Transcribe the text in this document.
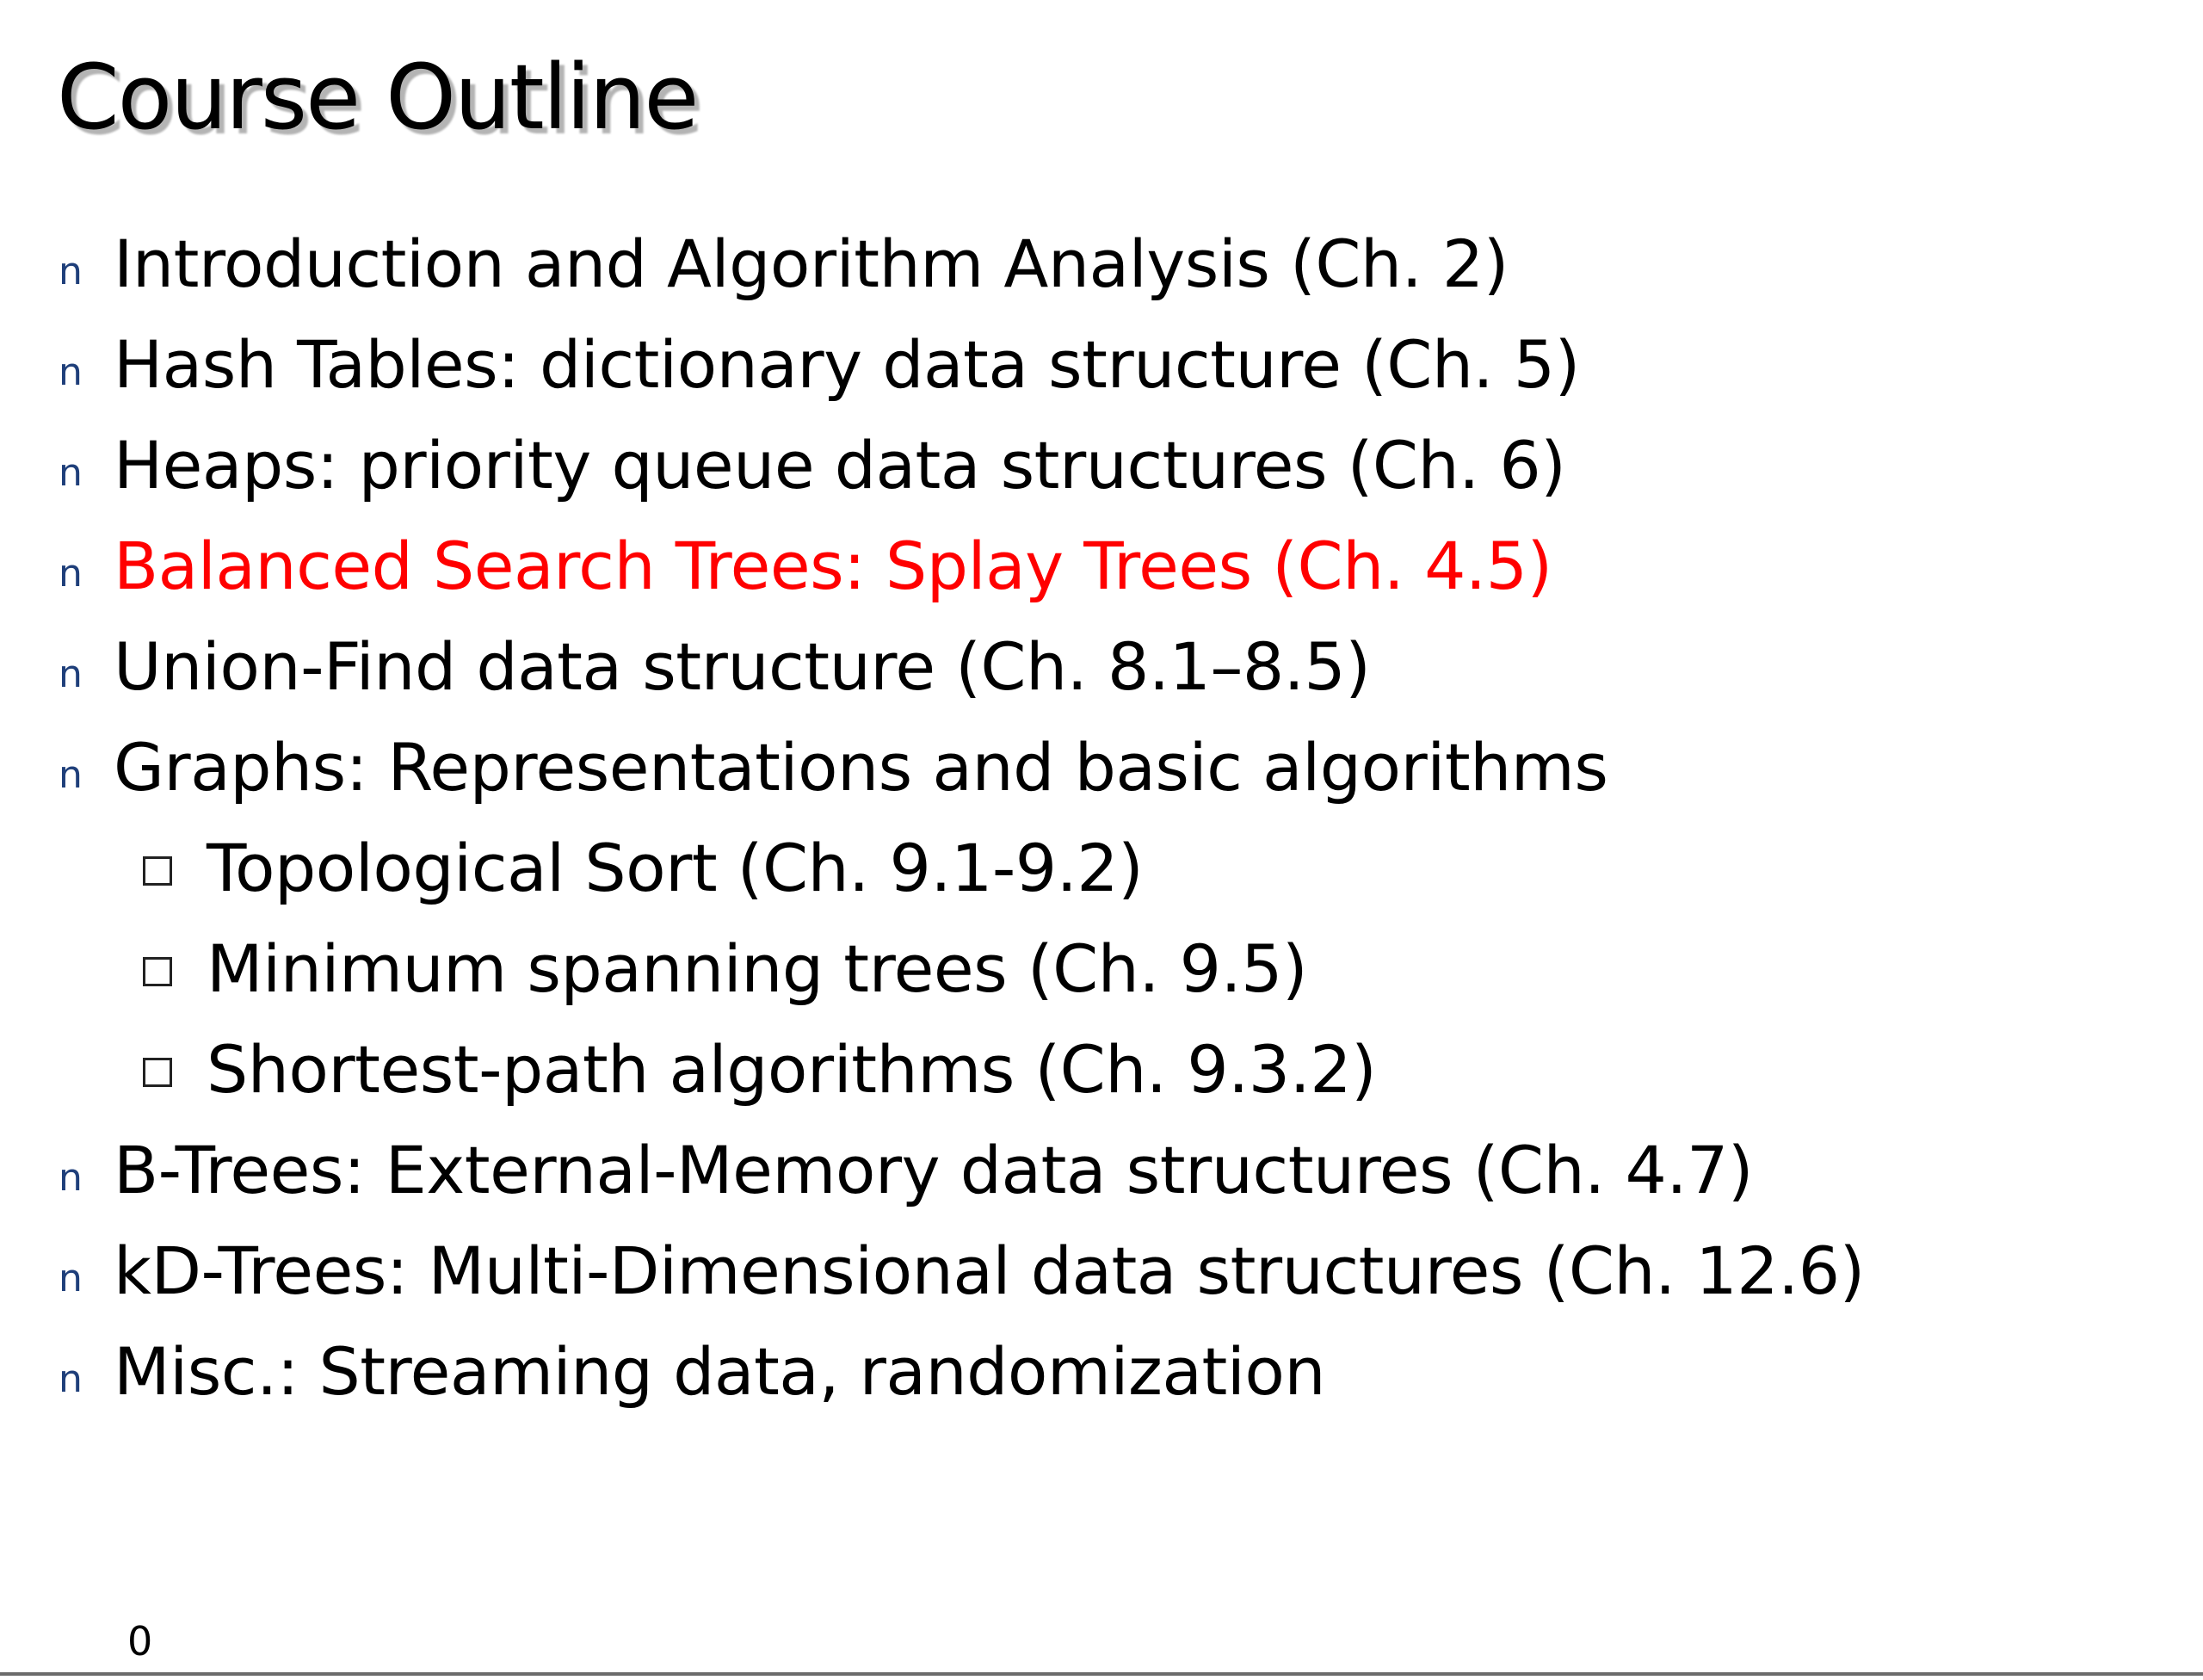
Course Outline
n Introduction and Algorithm Analysis (Ch. 2)
n Hash Tables: dictionary data structure (Ch. 5)
n Heaps: priority queue data structures (Ch. 6)
n Balanced Search Trees: Splay Trees (Ch. 4.5)
n Union-Find data structure (Ch. 8.1–8.5)
n Graphs: Representations and basic algorithms
Topological Sort (Ch. 9.1-9.2)
Minimum spanning trees (Ch. 9.5)
Shortest-path algorithms (Ch. 9.3.2)
n B-Trees: External-Memory data structures (Ch. 4.7)
n kD-Trees: Multi-Dimensional data structures (Ch. 12.6)
n Misc.: Streaming data, randomization
0
